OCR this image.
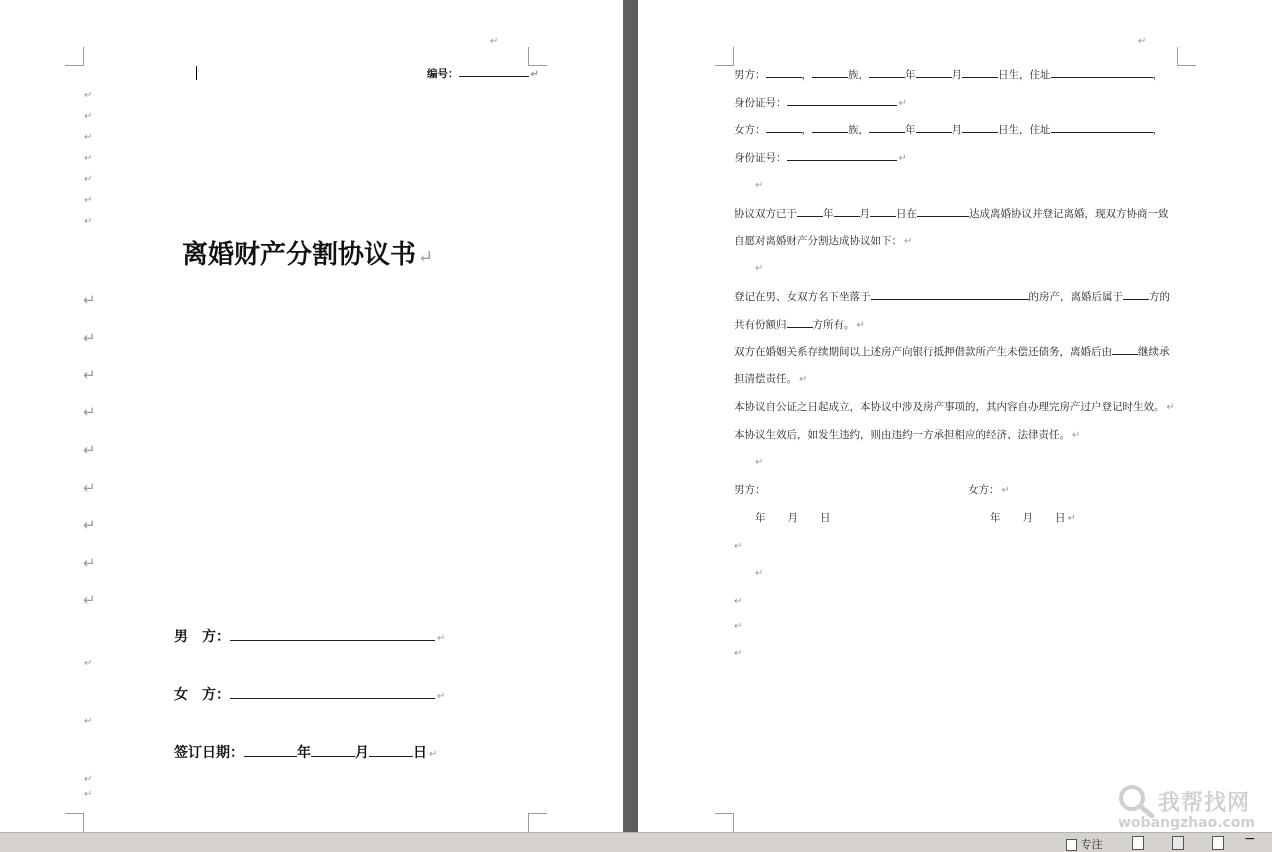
↵
编号：	↵
↵
↵
↵
↵
↵
↵
↵
离婚财产分割协议书 ↵
↵
↵
↵
↵
↵
↵
↵
↵
↵
男　方：	↵
↵
女　方：	↵
↵
签订日期：	年	月	日 ↵
↵
↵
↵
男方：	，	族，	年	月	日生，住址	，
身份证号：	↵
女方：	，	族，	年	月	日生，住址	，
身份证号：	↵
↵
协议双方已于 年 月 日在	达成离婚协议并登记离婚，现双方协商一致
自愿对离婚财产分割达成协议如下： ↵
↵
登记在男、女双方名下坐落于	的房产，离婚后属于 方的
共有份额归 方所有。 ↵
双方在婚姻关系存续期间以上述房产向银行抵押借款所产生未偿还债务，离婚后由 继续承
担清偿责任。 ↵
本协议自公证之日起成立，本协议中涉及房产事项的，其内容自办理完房产过户登记时生效。 ↵
本协议生效后，如发生违约，则由违约一方承担相应的经济、法律责任。 ↵
↵
男方：	女方： ↵
年 月 日	年 月 日 ↵
↵
↵
↵
↵
↵
我帮找网
wobangzhao.com
专注	−
